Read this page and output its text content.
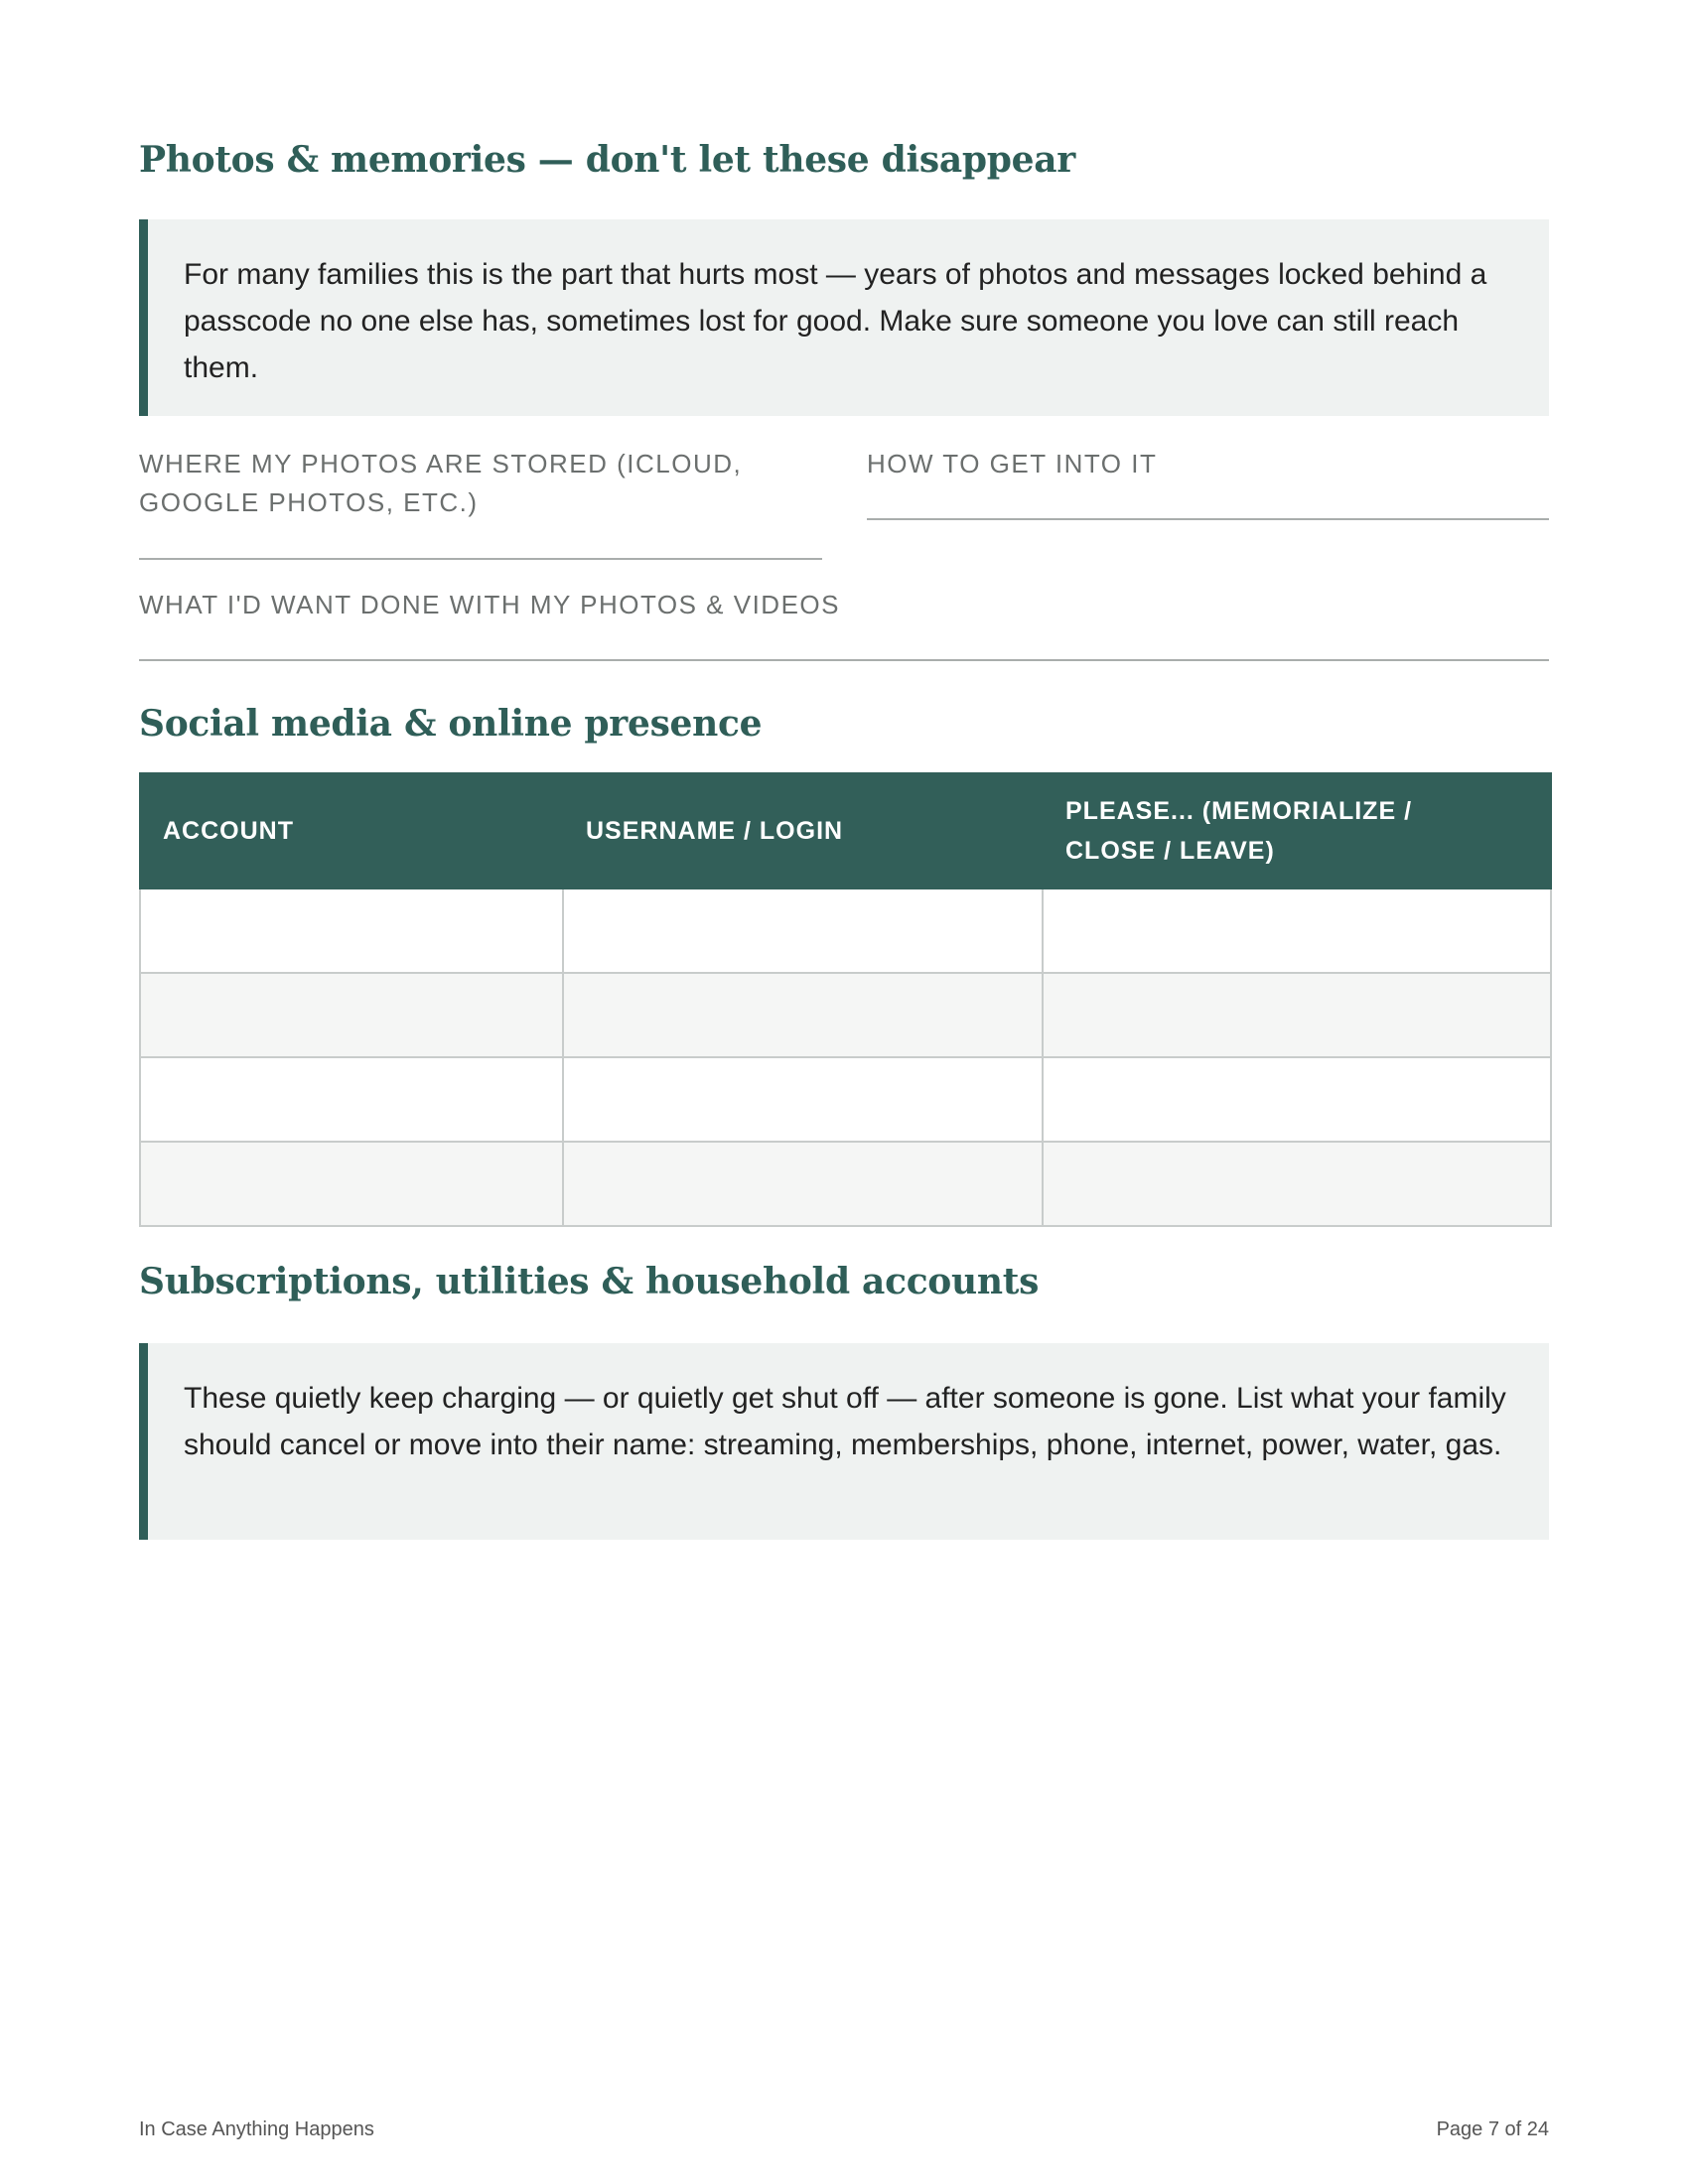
Photos & memories — don't let these disappear
For many families this is the part that hurts most — years of photos and messages locked behind a passcode no one else has, sometimes lost for good. Make sure someone you love can still reach them.
WHERE MY PHOTOS ARE STORED (ICLOUD, GOOGLE PHOTOS, ETC.)
HOW TO GET INTO IT
WHAT I'D WANT DONE WITH MY PHOTOS & VIDEOS
Social media & online presence
ACCOUNT	USERNAME / LOGIN	PLEASE... (MEMORIALIZE / CLOSE / LEAVE)

Subscriptions, utilities & household accounts
These quietly keep charging — or quietly get shut off — after someone is gone. List what your family should cancel or move into their name: streaming, memberships, phone, internet, power, water, gas.
In Case Anything Happens	Page 7 of 24
